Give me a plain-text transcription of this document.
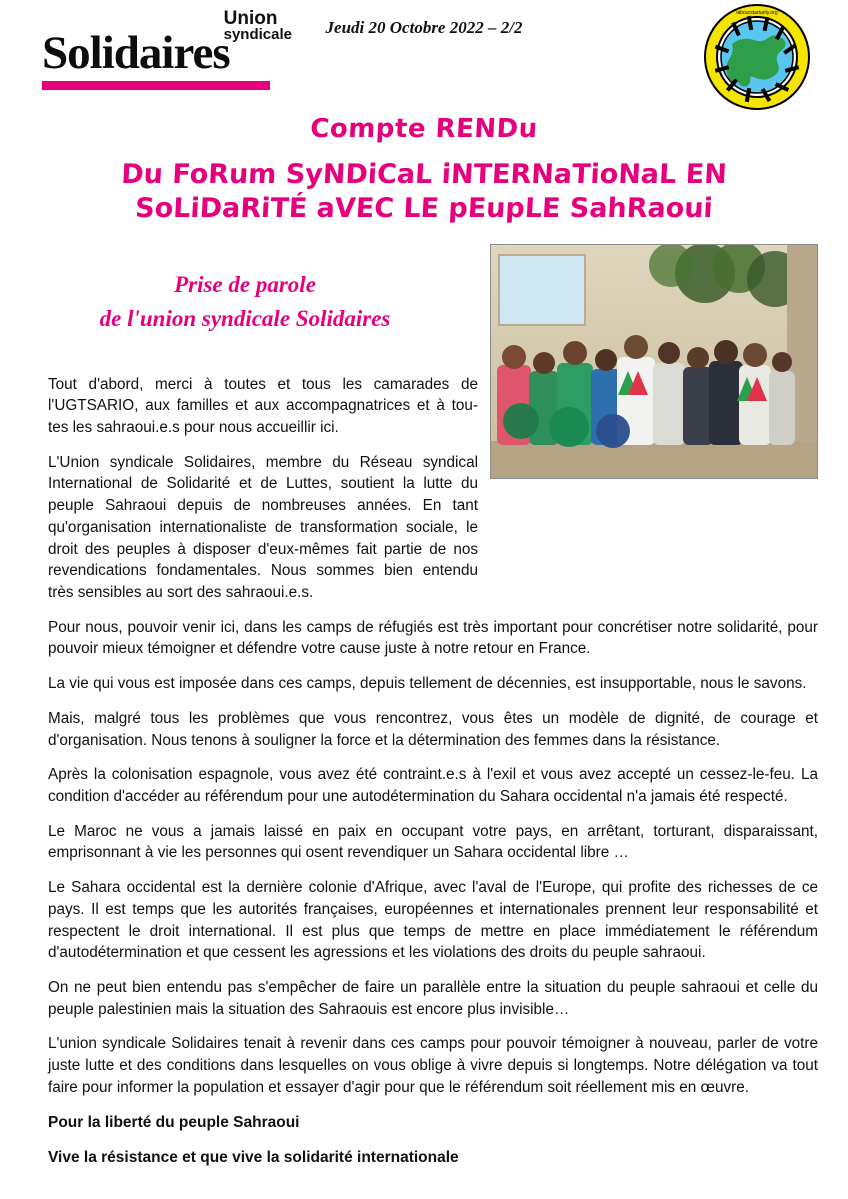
Union
syndicale
Solidaires	Jeudi 20 Octobre 2022 – 2/2
labourstartarity.org
Compte RENDu
Du FoRum SyNDiCaL iNTERNaTioNaL EN
SoLiDaRiTÉ aVEC LE pEupLE SahRaoui
Prise de parole
de l'union syndicale Solidaires

Tout d'abord, merci à toutes et tous les camarades de l'UGTSARIO, aux familles et aux accompagnatrices et à tou-tes les sahraoui.e.s pour nous accueillir ici.

L'Union syndicale Solidaires, membre du Réseau syndical International de Solidarité et de Luttes, soutient la lutte du peuple Sahraoui depuis de nombreuses années. En tant qu'organisation internationaliste de transformation sociale, le droit des peuples à disposer d'eux-mêmes fait partie de nos revendications fondamentales. Nous sommes bien entendu très sensibles au sort des sahraoui.e.s.

Pour nous, pouvoir venir ici, dans les camps de réfugiés est très important pour concrétiser notre solidarité, pour pouvoir mieux témoigner et défendre votre cause juste à notre retour en France.

La vie qui vous est imposée dans ces camps, depuis tellement de décennies, est insupportable, nous le savons.

Mais, malgré tous les problèmes que vous rencontrez, vous êtes un modèle de dignité, de courage et d'organisation. Nous tenons à souligner la force et la détermination des femmes dans la résistance.

Après la colonisation espagnole, vous avez été contraint.e.s à l'exil et vous avez accepté un cessez-le-feu. La condition d'accéder au référendum pour une autodétermination du Sahara occidental n'a jamais été respecté.

Le Maroc ne vous a jamais laissé en paix en occupant votre pays, en arrêtant, torturant, disparaissant, emprisonnant à vie les personnes qui osent revendiquer un Sahara occidental libre …

Le Sahara occidental est la dernière colonie d'Afrique, avec l'aval de l'Europe, qui profite des richesses de ce pays. Il est temps que les autorités françaises, européennes et internationales prennent leur responsabilité et respectent le droit international. Il est plus que temps de mettre en place immédiatement le référendum d'autodétermination et que cessent les agressions et les violations des droits du peuple sahraoui.

On ne peut bien entendu pas s'empêcher de faire un parallèle entre la situation du peuple sahraoui et celle du peuple palestinien mais la situation des Sahraouis est encore plus invisible…

L'union syndicale Solidaires tenait à revenir dans ces camps pour pouvoir témoigner à nouveau, parler de votre juste lutte et des conditions dans lesquelles on vous oblige à vivre depuis si longtemps. Notre délégation va tout faire pour informer la population et essayer d'agir pour que le référendum soit réellement mis en œuvre.

Pour la liberté du peuple Sahraoui

Vive la résistance et que vive la solidarité internationale
